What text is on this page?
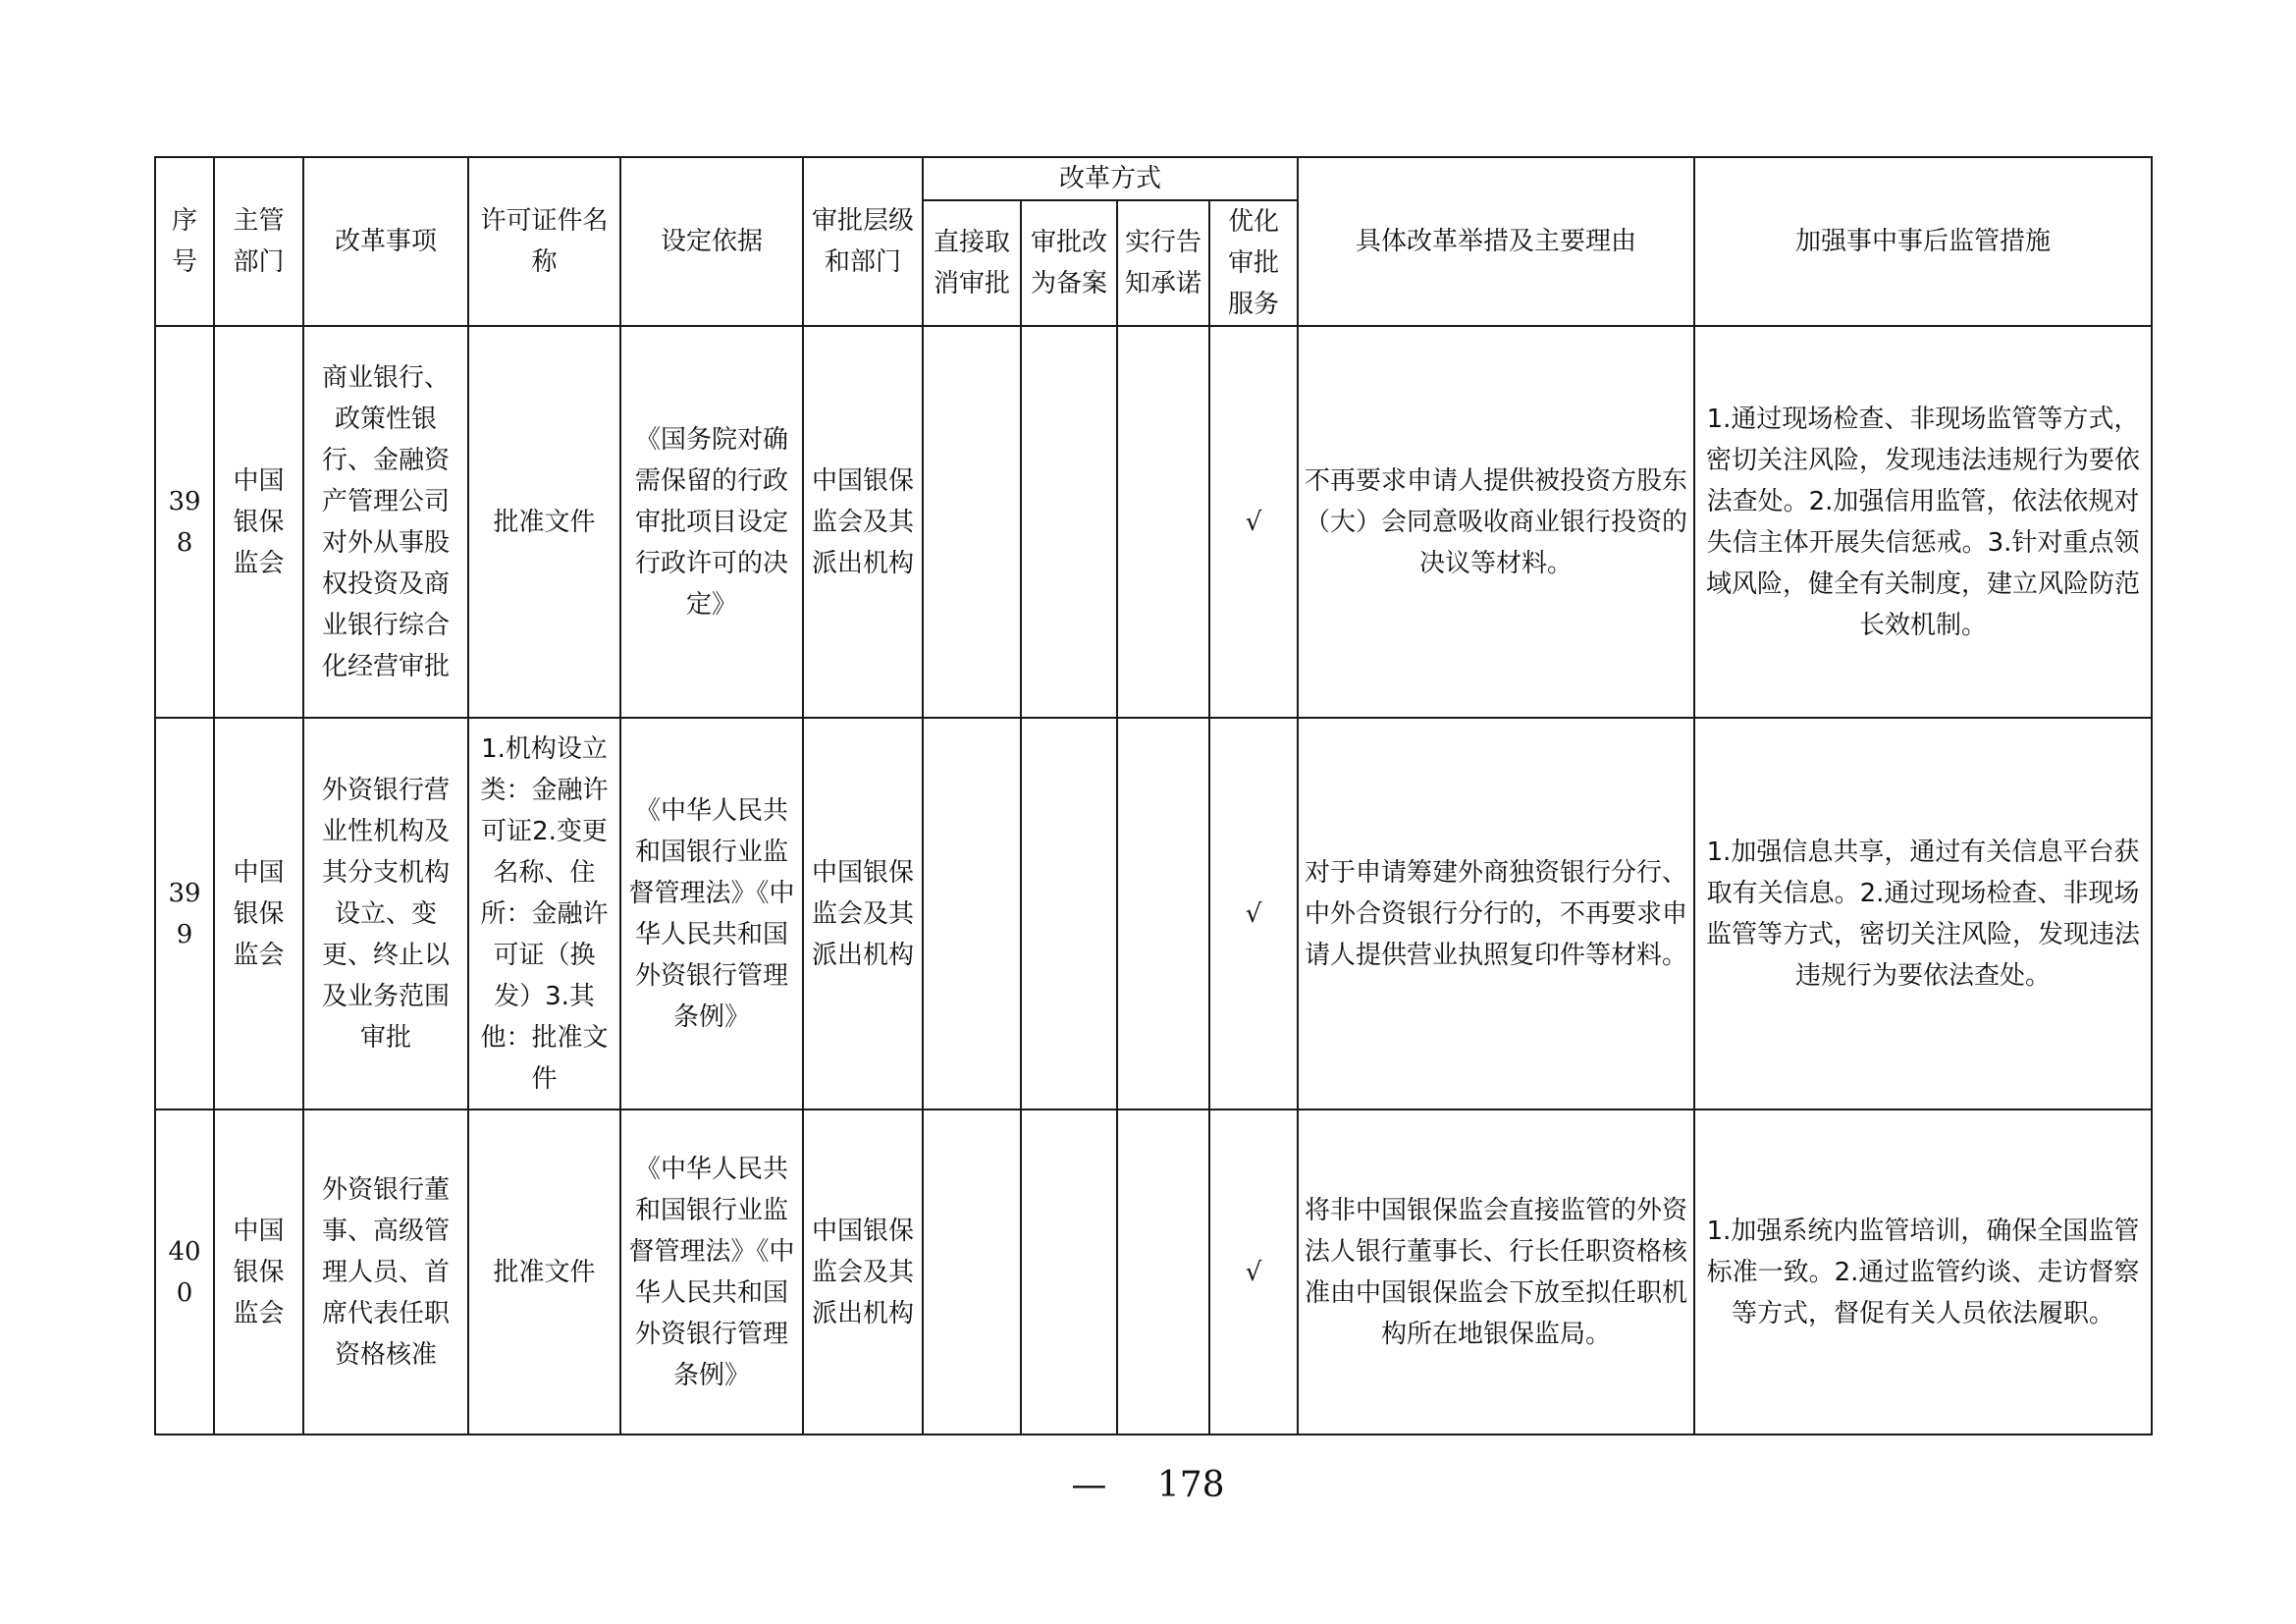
序号	主管部门	改革事项	许可证件名称	设定依据	审批层级和部门	改革方式				具体改革举措及主要理由	加强事中事后监管措施
						直接取消审批	审批改为备案	实行告知承诺	优化审批服务		
398	中国银保监会	商业银行、政策性银行、金融资产管理公司对外从事股权投资及商业银行综合化经营审批	批准文件	《国务院对确需保留的行政审批项目设定行政许可的决定》	中国银保监会及其派出机构				√	不再要求申请人提供被投资方股东（大）会同意吸收商业银行投资的决议等材料。	1.通过现场检查、非现场监管等方式，密切关注风险，发现违法违规行为要依法查处。2.加强信用监管，依法依规对失信主体开展失信惩戒。3.针对重点领域风险，健全有关制度，建立风险防范长效机制。
399	中国银保监会	外资银行营业性机构及其分支机构设立、变更、终止以及业务范围审批	1.机构设立类：金融许可证2.变更名称、住所：金融许可证（换发）3.其他：批准文件	《中华人民共和国银行业监督管理法》《中华人民共和国外资银行管理条例》	中国银保监会及其派出机构				√	对于申请筹建外商独资银行分行、中外合资银行分行的，不再要求申请人提供营业执照复印件等材料。	1.加强信息共享，通过有关信息平台获取有关信息。2.通过现场检查、非现场监管等方式，密切关注风险，发现违法违规行为要依法查处。
400	中国银保监会	外资银行董事、高级管理人员、首席代表任职资格核准	批准文件	《中华人民共和国银行业监督管理法》《中华人民共和国外资银行管理条例》	中国银保监会及其派出机构				√	将非中国银保监会直接监管的外资法人银行董事长、行长任职资格核准由中国银保监会下放至拟任职机构所在地银保监局。	1.加强系统内监管培训，确保全国监管标准一致。2.通过监管约谈、走访督察等方式，督促有关人员依法履职。
— 178
